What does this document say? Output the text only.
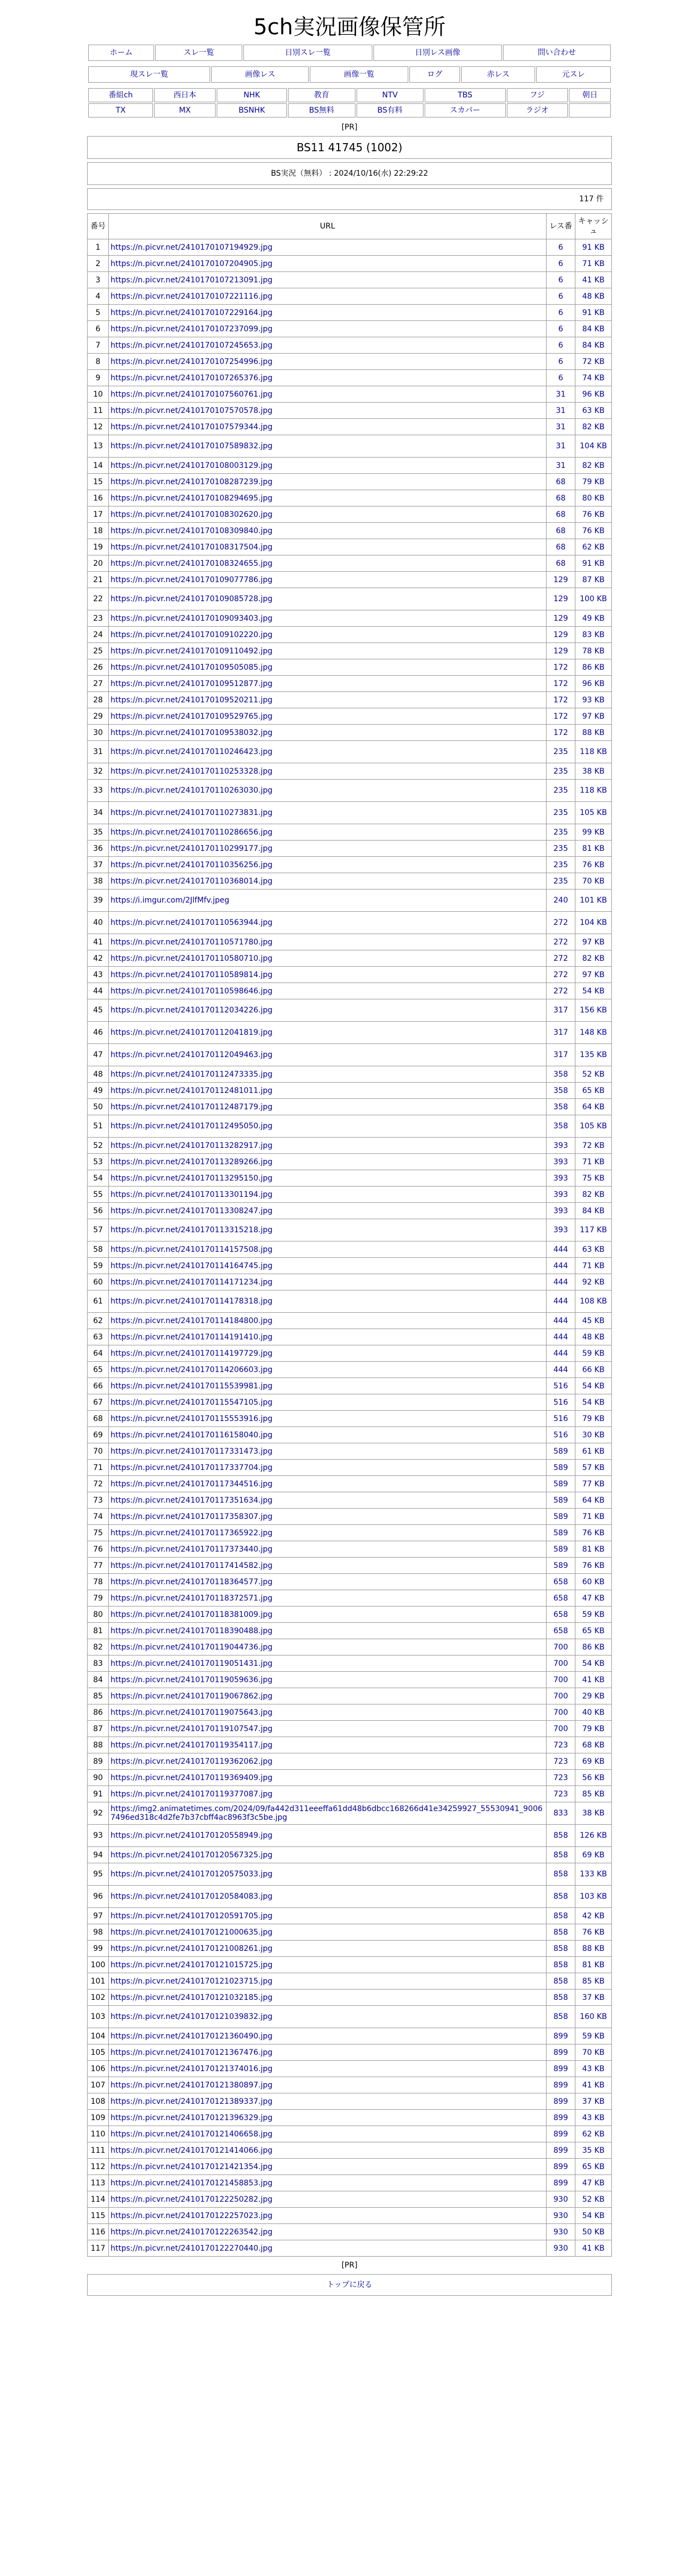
5ch実況画像保管所
ホーム	スレ一覧	日別スレ一覧	日別レス画像	問い合わせ
現スレ一覧	画像レス	画像一覧	ログ	赤レス	元スレ
番組ch	西日本	NHK	教育	NTV	TBS	フジ	朝日

TX	MX	BSNHK	BS無料	BS有料	スカパー	ラジオ	

[PR]
BS11 41745 (1002)
BS実況（無料） : 2024/10/16(水) 22:29:22
117 件
番号	URL	レス番	キャッシュ
1	https://n.picvr.net/2410170107194929.jpg	6	91 KB
2	https://n.picvr.net/2410170107204905.jpg	6	71 KB
3	https://n.picvr.net/2410170107213091.jpg	6	41 KB
4	https://n.picvr.net/2410170107221116.jpg	6	48 KB
5	https://n.picvr.net/2410170107229164.jpg	6	91 KB
6	https://n.picvr.net/2410170107237099.jpg	6	84 KB
7	https://n.picvr.net/2410170107245653.jpg	6	84 KB
8	https://n.picvr.net/2410170107254996.jpg	6	72 KB
9	https://n.picvr.net/2410170107265376.jpg	6	74 KB
10	https://n.picvr.net/2410170107560761.jpg	31	96 KB
11	https://n.picvr.net/2410170107570578.jpg	31	63 KB
12	https://n.picvr.net/2410170107579344.jpg	31	82 KB
13	https://n.picvr.net/2410170107589832.jpg	31	104 KB
14	https://n.picvr.net/2410170108003129.jpg	31	82 KB
15	https://n.picvr.net/2410170108287239.jpg	68	79 KB
16	https://n.picvr.net/2410170108294695.jpg	68	80 KB
17	https://n.picvr.net/2410170108302620.jpg	68	76 KB
18	https://n.picvr.net/2410170108309840.jpg	68	76 KB
19	https://n.picvr.net/2410170108317504.jpg	68	62 KB
20	https://n.picvr.net/2410170108324655.jpg	68	91 KB
21	https://n.picvr.net/2410170109077786.jpg	129	87 KB
22	https://n.picvr.net/2410170109085728.jpg	129	100 KB
23	https://n.picvr.net/2410170109093403.jpg	129	49 KB
24	https://n.picvr.net/2410170109102220.jpg	129	83 KB
25	https://n.picvr.net/2410170109110492.jpg	129	78 KB
26	https://n.picvr.net/2410170109505085.jpg	172	86 KB
27	https://n.picvr.net/2410170109512877.jpg	172	96 KB
28	https://n.picvr.net/2410170109520211.jpg	172	93 KB
29	https://n.picvr.net/2410170109529765.jpg	172	97 KB
30	https://n.picvr.net/2410170109538032.jpg	172	88 KB
31	https://n.picvr.net/2410170110246423.jpg	235	118 KB
32	https://n.picvr.net/2410170110253328.jpg	235	38 KB
33	https://n.picvr.net/2410170110263030.jpg	235	118 KB
34	https://n.picvr.net/2410170110273831.jpg	235	105 KB
35	https://n.picvr.net/2410170110286656.jpg	235	99 KB
36	https://n.picvr.net/2410170110299177.jpg	235	81 KB
37	https://n.picvr.net/2410170110356256.jpg	235	76 KB
38	https://n.picvr.net/2410170110368014.jpg	235	70 KB
39	https://i.imgur.com/2JlfMfv.jpeg	240	101 KB
40	https://n.picvr.net/2410170110563944.jpg	272	104 KB
41	https://n.picvr.net/2410170110571780.jpg	272	97 KB
42	https://n.picvr.net/2410170110580710.jpg	272	82 KB
43	https://n.picvr.net/2410170110589814.jpg	272	97 KB
44	https://n.picvr.net/2410170110598646.jpg	272	54 KB
45	https://n.picvr.net/2410170112034226.jpg	317	156 KB
46	https://n.picvr.net/2410170112041819.jpg	317	148 KB
47	https://n.picvr.net/2410170112049463.jpg	317	135 KB
48	https://n.picvr.net/2410170112473335.jpg	358	52 KB
49	https://n.picvr.net/2410170112481011.jpg	358	65 KB
50	https://n.picvr.net/2410170112487179.jpg	358	64 KB
51	https://n.picvr.net/2410170112495050.jpg	358	105 KB
52	https://n.picvr.net/2410170113282917.jpg	393	72 KB
53	https://n.picvr.net/2410170113289266.jpg	393	71 KB
54	https://n.picvr.net/2410170113295150.jpg	393	75 KB
55	https://n.picvr.net/2410170113301194.jpg	393	82 KB
56	https://n.picvr.net/2410170113308247.jpg	393	84 KB
57	https://n.picvr.net/2410170113315218.jpg	393	117 KB
58	https://n.picvr.net/2410170114157508.jpg	444	63 KB
59	https://n.picvr.net/2410170114164745.jpg	444	71 KB
60	https://n.picvr.net/2410170114171234.jpg	444	92 KB
61	https://n.picvr.net/2410170114178318.jpg	444	108 KB
62	https://n.picvr.net/2410170114184800.jpg	444	45 KB
63	https://n.picvr.net/2410170114191410.jpg	444	48 KB
64	https://n.picvr.net/2410170114197729.jpg	444	59 KB
65	https://n.picvr.net/2410170114206603.jpg	444	66 KB
66	https://n.picvr.net/2410170115539981.jpg	516	54 KB
67	https://n.picvr.net/2410170115547105.jpg	516	54 KB
68	https://n.picvr.net/2410170115553916.jpg	516	79 KB
69	https://n.picvr.net/2410170116158040.jpg	516	30 KB
70	https://n.picvr.net/2410170117331473.jpg	589	61 KB
71	https://n.picvr.net/2410170117337704.jpg	589	57 KB
72	https://n.picvr.net/2410170117344516.jpg	589	77 KB
73	https://n.picvr.net/2410170117351634.jpg	589	64 KB
74	https://n.picvr.net/2410170117358307.jpg	589	71 KB
75	https://n.picvr.net/2410170117365922.jpg	589	76 KB
76	https://n.picvr.net/2410170117373440.jpg	589	81 KB
77	https://n.picvr.net/2410170117414582.jpg	589	76 KB
78	https://n.picvr.net/2410170118364577.jpg	658	60 KB
79	https://n.picvr.net/2410170118372571.jpg	658	47 KB
80	https://n.picvr.net/2410170118381009.jpg	658	59 KB
81	https://n.picvr.net/2410170118390488.jpg	658	65 KB
82	https://n.picvr.net/2410170119044736.jpg	700	86 KB
83	https://n.picvr.net/2410170119051431.jpg	700	54 KB
84	https://n.picvr.net/2410170119059636.jpg	700	41 KB
85	https://n.picvr.net/2410170119067862.jpg	700	29 KB
86	https://n.picvr.net/2410170119075643.jpg	700	40 KB
87	https://n.picvr.net/2410170119107547.jpg	700	79 KB
88	https://n.picvr.net/2410170119354117.jpg	723	68 KB
89	https://n.picvr.net/2410170119362062.jpg	723	69 KB
90	https://n.picvr.net/2410170119369409.jpg	723	56 KB
91	https://n.picvr.net/2410170119377087.jpg	723	85 KB
92	https://img2.animatetimes.com/2024/09/fa442d311eeeffa61dd48b6dbcc168266d41e34259927_55530941_90067496ed318c4d2fe7b37cbff4ac8963f3c5be.jpg	833	38 KB
93	https://n.picvr.net/2410170120558949.jpg	858	126 KB
94	https://n.picvr.net/2410170120567325.jpg	858	69 KB
95	https://n.picvr.net/2410170120575033.jpg	858	133 KB
96	https://n.picvr.net/2410170120584083.jpg	858	103 KB
97	https://n.picvr.net/2410170120591705.jpg	858	42 KB
98	https://n.picvr.net/2410170121000635.jpg	858	76 KB
99	https://n.picvr.net/2410170121008261.jpg	858	88 KB
100	https://n.picvr.net/2410170121015725.jpg	858	81 KB
101	https://n.picvr.net/2410170121023715.jpg	858	85 KB
102	https://n.picvr.net/2410170121032185.jpg	858	37 KB
103	https://n.picvr.net/2410170121039832.jpg	858	160 KB
104	https://n.picvr.net/2410170121360490.jpg	899	59 KB
105	https://n.picvr.net/2410170121367476.jpg	899	70 KB
106	https://n.picvr.net/2410170121374016.jpg	899	43 KB
107	https://n.picvr.net/2410170121380897.jpg	899	41 KB
108	https://n.picvr.net/2410170121389337.jpg	899	37 KB
109	https://n.picvr.net/2410170121396329.jpg	899	43 KB
110	https://n.picvr.net/2410170121406658.jpg	899	62 KB
111	https://n.picvr.net/2410170121414066.jpg	899	35 KB
112	https://n.picvr.net/2410170121421354.jpg	899	65 KB
113	https://n.picvr.net/2410170121458853.jpg	899	47 KB
114	https://n.picvr.net/2410170122250282.jpg	930	52 KB
115	https://n.picvr.net/2410170122257023.jpg	930	54 KB
116	https://n.picvr.net/2410170122263542.jpg	930	50 KB
117	https://n.picvr.net/2410170122270440.jpg	930	41 KB
[PR]
トップに戻る
